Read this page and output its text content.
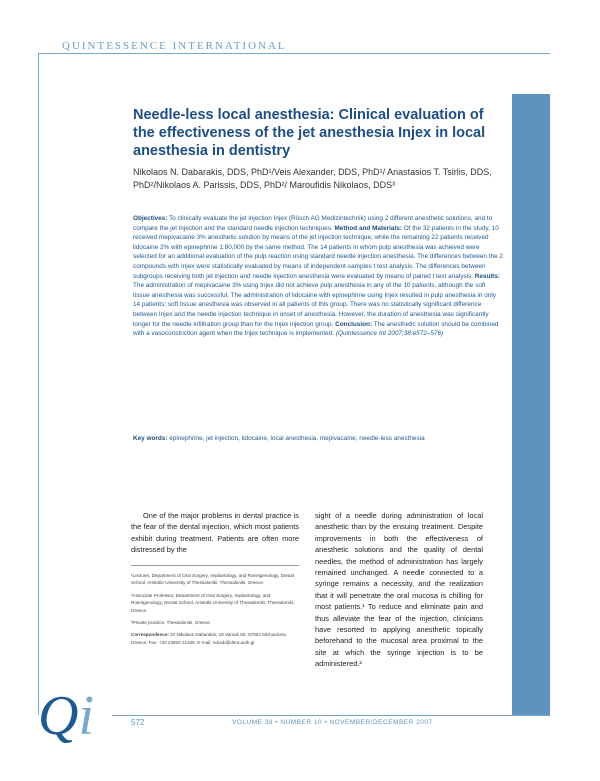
QUINTESSENCE INTERNATIONAL
Needle-less local anesthesia: Clinical evaluation of the effectiveness of the jet anesthesia Injex in local anesthesia in dentistry
Nikolaos N. Dabarakis, DDS, PhD¹/Veis Alexander, DDS, PhD¹/ Anastasios T. Tsirlis, DDS, PhD²/Nikolaos A. Parissis, DDS, PhD²/ Maroufidis Nikolaos, DDS³
Objectives: To clinically evaluate the jet injection Injex (Rösch AG Medizintechnik) using 2 different anesthetic solutions, and to compare the jet injection and the standard needle injection techniques. Method and Materials: Of the 32 patients in the study, 10 received mepivacaine 3% anesthetic solution by means of the jet injection technique, while the remaining 22 patients received lidocaine 2% with epinephrine 1:80,000 by the same method. The 14 patients in whom pulp anesthesia was achieved were selected for an additional evaluation of the pulp reaction using standard needle injection anesthesia. The differences between the 2 compounds with Injex were statistically evaluated by means of independent-samples t test analysis. The differences between subgroups receiving both jet injection and needle injection anesthesia were evaluated by means of paired t test analysis. Results: The administration of mepivacaine 3% using Injex did not achieve pulp anesthesia in any of the 10 patients, although the soft tissue anesthesia was successful. The administration of lidocaine with epinephrine using Injex resulted in pulp anesthesia in only 14 patients; soft tissue anesthesia was observed in all patients of this group. There was no statistically significant difference between Injex and the needle injection technique in onset of anesthesia. However, the duration of anesthesia was significantly longer for the needle infiltration group than for the Injex injection group. Conclusion: The anesthetic solution should be combined with a vasoconstriction agent when the Injex technique is implemented. (Quintessence Int 2007;38:e572–576)
Key words: epinephrine, jet injection, lidocaine, local anesthesia, mepivacaine, needle-less anesthesia
One of the major problems in dental practice is the fear of the dental injection, which most patients exhibit during treatment. Patients are often more distressed by the

¹Lecturer, Department of Oral Surgery, Implantology, and Roentgenology, Dental School, Aristotle University of Thessaloniki, Thessaloniki, Greece.

²Associate Professor, Department of Oral Surgery, Implantology, and Roentgenology, Dental School, Aristotle University of Thessaloniki, Thessaloniki, Greece.

³Private practice, Thessaloniki, Greece.

Correspondence: Dr Nikolaos Dabarakis, 18 Vamali Str, 57004 Michaniona, Greece. Fax: +30 23920 21346. E-mail: ndoub@dent.auth.gr

sight of a needle during administration of local anesthetic than by the ensuing treatment. Despite improvements in both the effectiveness of anesthetic solutions and the quality of dental needles, the method of administration has largely remained unchanged. A needle connected to a syringe remains a necessity, and the realization that it will penetrate the oral mucosa is chilling for most patients.¹ To reduce and eliminate pain and thus alleviate the fear of the injection, clinicians have resorted to applying anesthetic topically beforehand to the mucosal area proximal to the site at which the syringe injection is to be administered.²
Qi	572	VOLUME 38 • NUMBER 10 • NOVEMBER/DECEMBER 2007
